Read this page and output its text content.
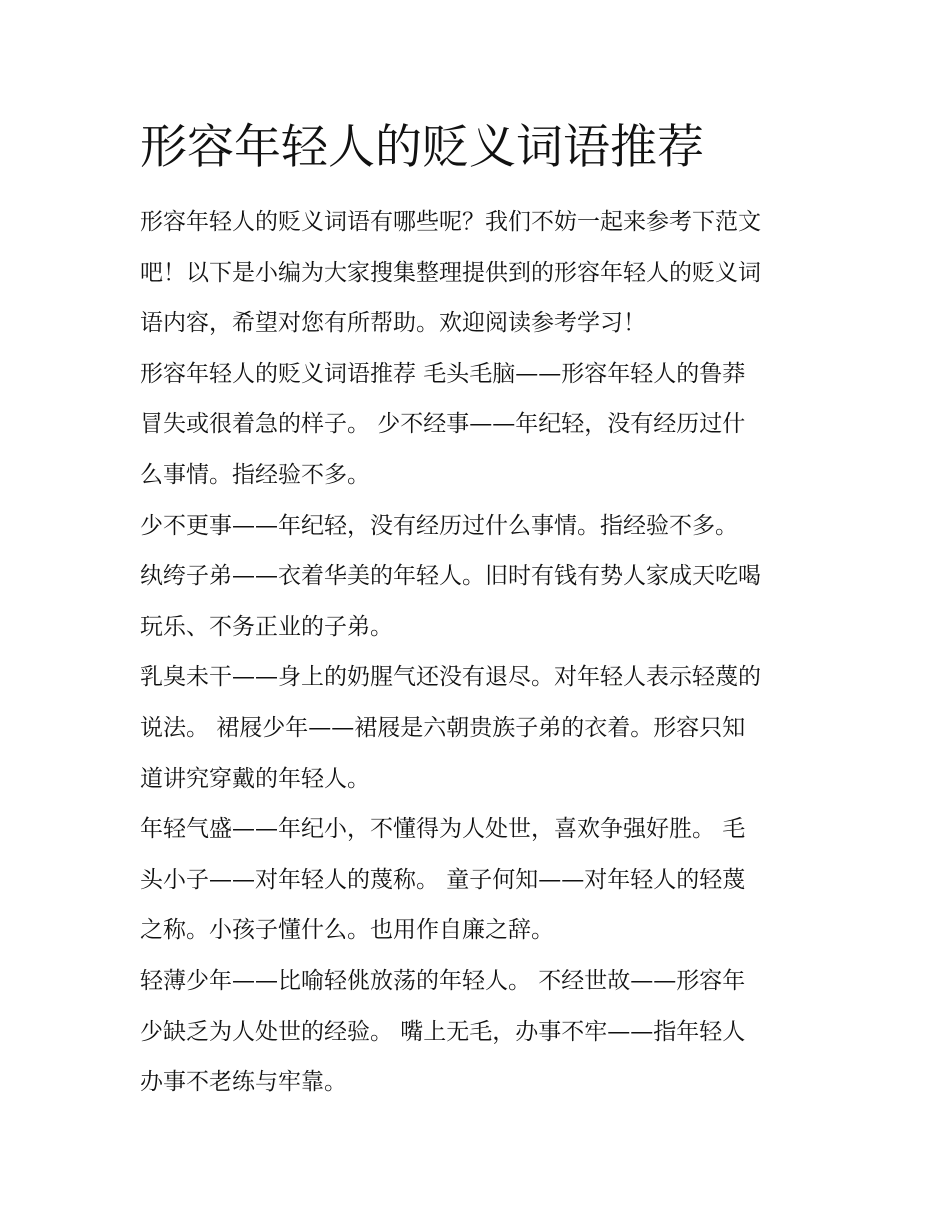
形容年轻人的贬义词语推荐
形容年轻人的贬义词语有哪些呢？我们不妨一起来参考下范文
吧！以下是小编为大家搜集整理提供到的形容年轻人的贬义词
语内容，希望对您有所帮助。欢迎阅读参考学习！
形容年轻人的贬义词语推荐 毛头毛脑——形容年轻人的鲁莽
冒失或很着急的样子。 少不经事——年纪轻，没有经历过什
么事情。指经验不多。
少不更事——年纪轻，没有经历过什么事情。指经验不多。
纨绔子弟——衣着华美的年轻人。旧时有钱有势人家成天吃喝
玩乐、不务正业的子弟。
乳臭未干——身上的奶腥气还没有退尽。对年轻人表示轻蔑的
说法。 裙屐少年——裙屐是六朝贵族子弟的衣着。形容只知
道讲究穿戴的年轻人。
年轻气盛——年纪小，不懂得为人处世，喜欢争强好胜。 毛
头小子——对年轻人的蔑称。 童子何知——对年轻人的轻蔑
之称。小孩子懂什么。也用作自廉之辞。
轻薄少年——比喻轻佻放荡的年轻人。 不经世故——形容年
少缺乏为人处世的经验。 嘴上无毛，办事不牢——指年轻人
办事不老练与牢靠。
